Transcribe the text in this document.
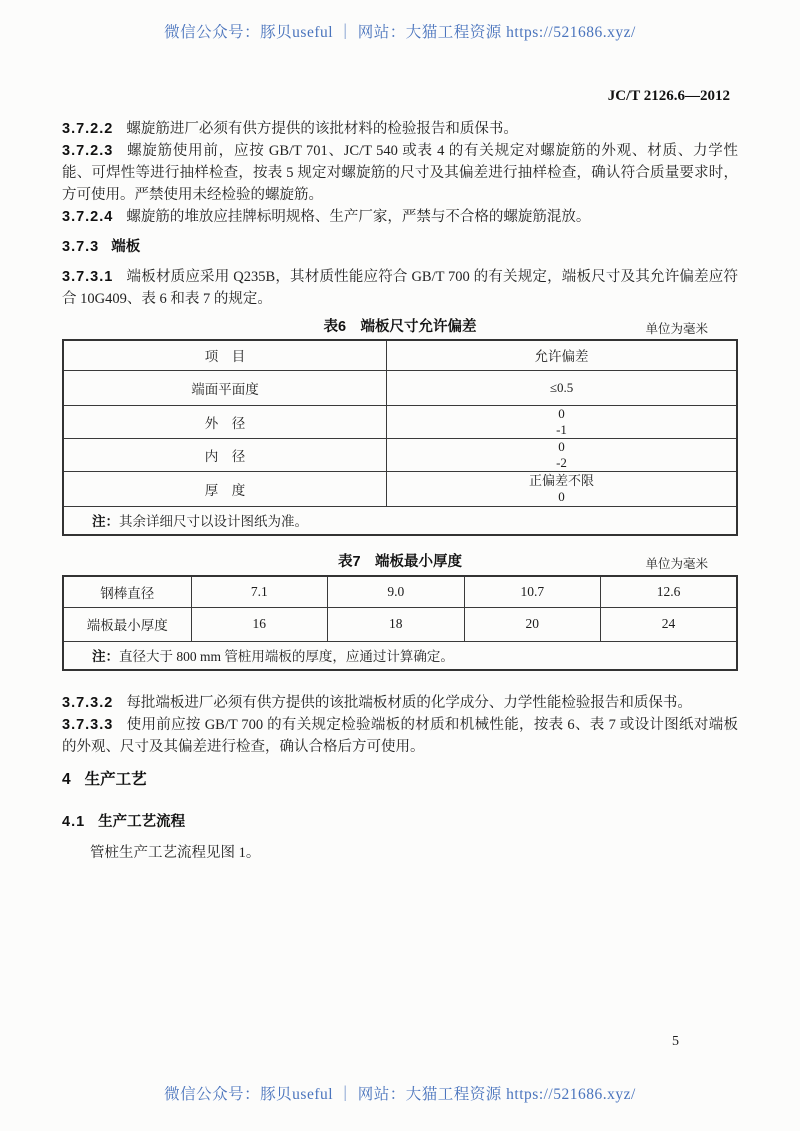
微信公众号：豚贝useful ｜ 网站：大猫工程资源 https://521686.xyz/
JC/T 2126.6—2012

3.7.2.2 螺旋筋进厂必须有供方提供的该批材料的检验报告和质保书。

3.7.2.3 螺旋筋使用前，应按 GB/T 701、JC/T 540 或表 4 的有关规定对螺旋筋的外观、材质、力学性能、可焊性等进行抽样检查，按表 5 规定对螺旋筋的尺寸及其偏差进行抽样检查，确认符合质量要求时，方可使用。严禁使用未经检验的螺旋筋。

3.7.2.4 螺旋筋的堆放应挂牌标明规格、生产厂家，严禁与不合格的螺旋筋混放。

3.7.3 端板

3.7.3.1 端板材质应采用 Q235B，其材质性能应符合 GB/T 700 的有关规定，端板尺寸及其允许偏差应符合 10G409、表 6 和表 7 的规定。

表6　端板尺寸允许偏差	单位为毫米
项　目	允许偏差
端面平面度	≤0.5

外　径	0
-1

内　径	0
-2

厚　度	正偏差不限
0

注：其余详细尺寸以设计图纸为准。	
表7　端板最小厚度	单位为毫米
钢棒直径	7.1	9.0	10.7	12.6
端板最小厚度	16	18	20	24
注：直径大于 800 mm 管桩用端板的厚度，应通过计算确定。				

3.7.3.2 每批端板进厂必须有供方提供的该批端板材质的化学成分、力学性能检验报告和质保书。

3.7.3.3 使用前应按 GB/T 700 的有关规定检验端板的材质和机械性能，按表 6、表 7 或设计图纸对端板的外观、尺寸及其偏差进行检查，确认合格后方可使用。

4 生产工艺

4.1 生产工艺流程

管桩生产工艺流程见图 1。

5
微信公众号：豚贝useful ｜ 网站：大猫工程资源 https://521686.xyz/
